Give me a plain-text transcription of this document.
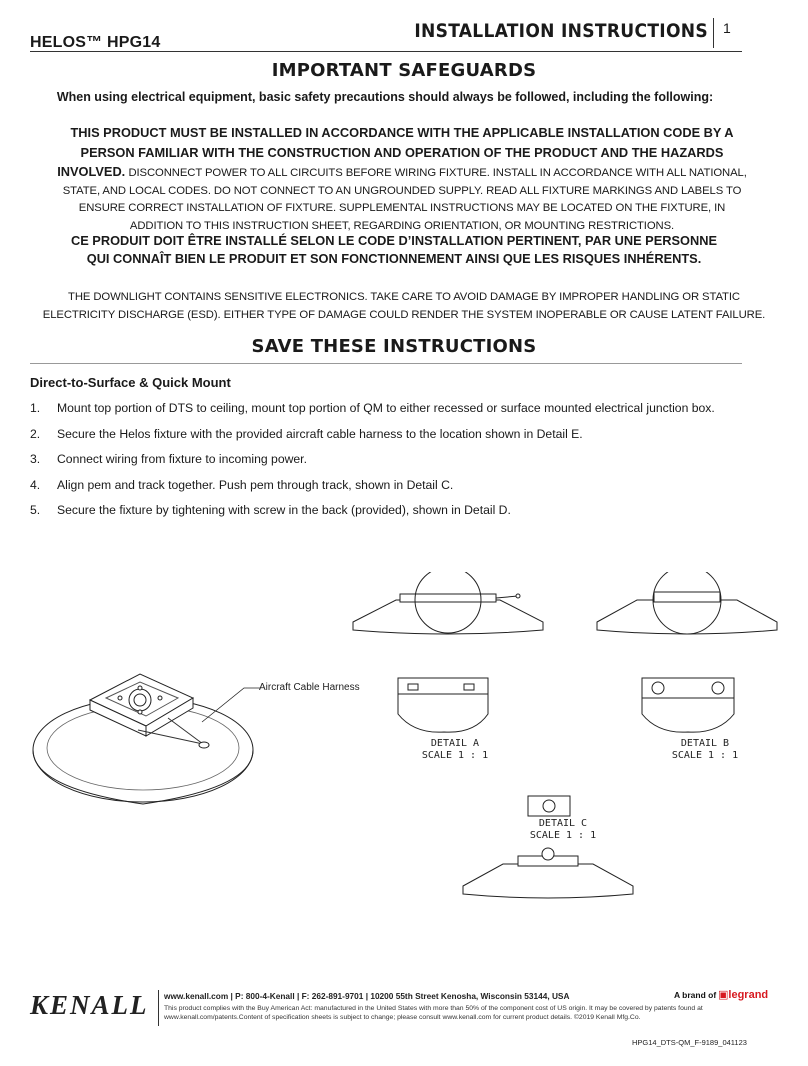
HELOS™ HPG14
INSTALLATION INSTRUCTIONS 1
IMPORTANT SAFEGUARDS
When using electrical equipment, basic safety precautions should always be followed, including the following:
THIS PRODUCT MUST BE INSTALLED IN ACCORDANCE WITH THE APPLICABLE INSTALLATION CODE BY A PERSON FAMILIAR WITH THE CONSTRUCTION AND OPERATION OF THE PRODUCT AND THE HAZARDS INVOLVED. DISCONNECT POWER TO ALL CIRCUITS BEFORE WIRING FIXTURE. INSTALL IN ACCORDANCE WITH ALL NATIONAL, STATE, AND LOCAL CODES. DO NOT CONNECT TO AN UNGROUNDED SUPPLY. READ ALL FIXTURE MARKINGS AND LABELS TO ENSURE CORRECT INSTALLATION OF FIXTURE. SUPPLEMENTAL INSTRUCTIONS MAY BE LOCATED ON THE FIXTURE, IN ADDITION TO THIS INSTRUCTION SHEET, REGARDING ORIENTATION, OR MOUNTING RESTRICTIONS.
CE PRODUIT DOIT ÊTRE INSTALLÉ SELON LE CODE D’INSTALLATION PERTINENT, PAR UNE PERSONNE QUI CONNAÎT BIEN LE PRODUIT ET SON FONCTIONNEMENT AINSI QUE LES RISQUES INHÉRENTS.
THE DOWNLIGHT CONTAINS SENSITIVE ELECTRONICS. TAKE CARE TO AVOID DAMAGE BY IMPROPER HANDLING OR STATIC ELECTRICITY DISCHARGE (ESD). EITHER TYPE OF DAMAGE COULD RENDER THE SYSTEM INOPERABLE OR CAUSE LATENT FAILURE.
SAVE THESE INSTRUCTIONS
Direct-to-Surface & Quick Mount
1.	Mount top portion of DTS to ceiling, mount top portion of QM to either recessed or surface mounted electrical junction box.
2.	Secure the Helos fixture with the provided aircraft cable harness to the location shown in Detail E.
3.	Connect wiring from fixture to incoming power.
4.	Align pem and track together. Push pem through track, shown in Detail C.
5.	Secure the fixture by tightening with screw in the back (provided), shown in Detail D.
Aircraft Cable Harness
DETAIL A
SCALE 1 : 1
DETAIL B
SCALE 1 : 1
DETAIL C
SCALE 1 : 1
KENALL www.kenall.com | P: 800-4-Kenall | F: 262-891-9701 | 10200 55th Street Kenosha, Wisconsin 53144, USA
This product complies with the Buy American Act: manufactured in the United States with more than 50% of the component cost of US origin. It may be covered by patents found at www.kenall.com/patents.Content of specification sheets is subject to change; please consult www.kenall.com for current product details. ©2019 Kenall Mfg.Co.
A brand of ▣legrand
HPG14_DTS-QM_F-9189_041123
